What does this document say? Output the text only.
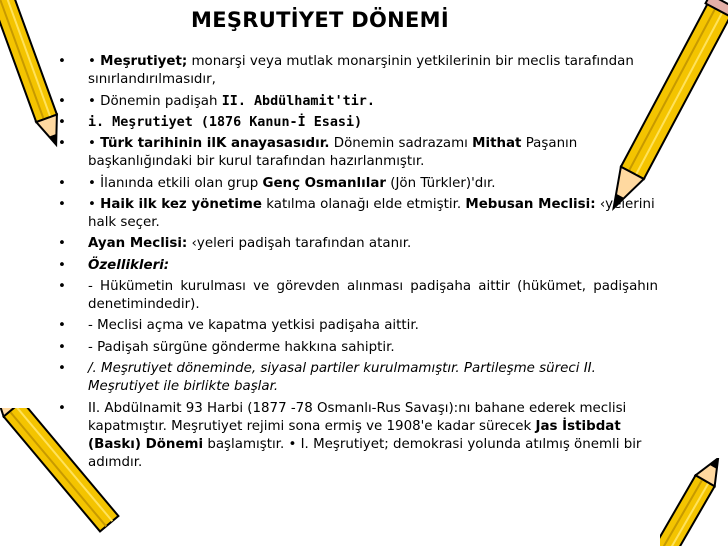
MEŞRUTİYET DÖNEMİ
• • Meşrutiyet; monarşi veya mutlak monarşinin yetkilerinin bir meclis tarafından sınırlandırılmasıdır,
• • Dönemin padişah II. Abdülhamit'tir.
• i. Meşrutiyet (1876 Kanun-İ Esasi)
• • Türk tarihinin ilK anayasasıdır. Dönemin sadrazamı Mithat Paşanın başkanlığındaki bir kurul tarafından hazırlanmıştır.
• • İlanında etkili olan grup Genç Osmanlılar (Jön Türkler)'dır.
• • Haik ilk kez yönetime katılma olanağı elde etmiştir. Mebusan Meclisi: ‹yeierini halk seçer.
• Ayan Meclisi: ‹yeleri padişah tarafından atanır.
• Özellikleri:
• - Hükümetin kurulması ve görevden alınması padişaha aittir (hükümet, padişahın denetimindedir).
• - Meclisi açma ve kapatma yetkisi padişaha aittir.
• - Padişah sürgüne gönderme hakkına sahiptir.
• /. Meşrutiyet döneminde, siyasal partiler kurulmamıştır. Partileşme süreci II. Meşrutiyet ile birlikte başlar.
• II. Abdülnamit 93 Harbi (1877 -78 Osmanlı-Rus Savaşı):nı bahane ederek meclisi kapatmıştır. Meşrutiyet rejimi sona ermiş ve 1908'e kadar sürecek Jas İstibdat (Baskı) Dönemi başlamıştır. • I. Meşrutiyet; demokrasi yolunda atılmış önemli bir adımdır.
